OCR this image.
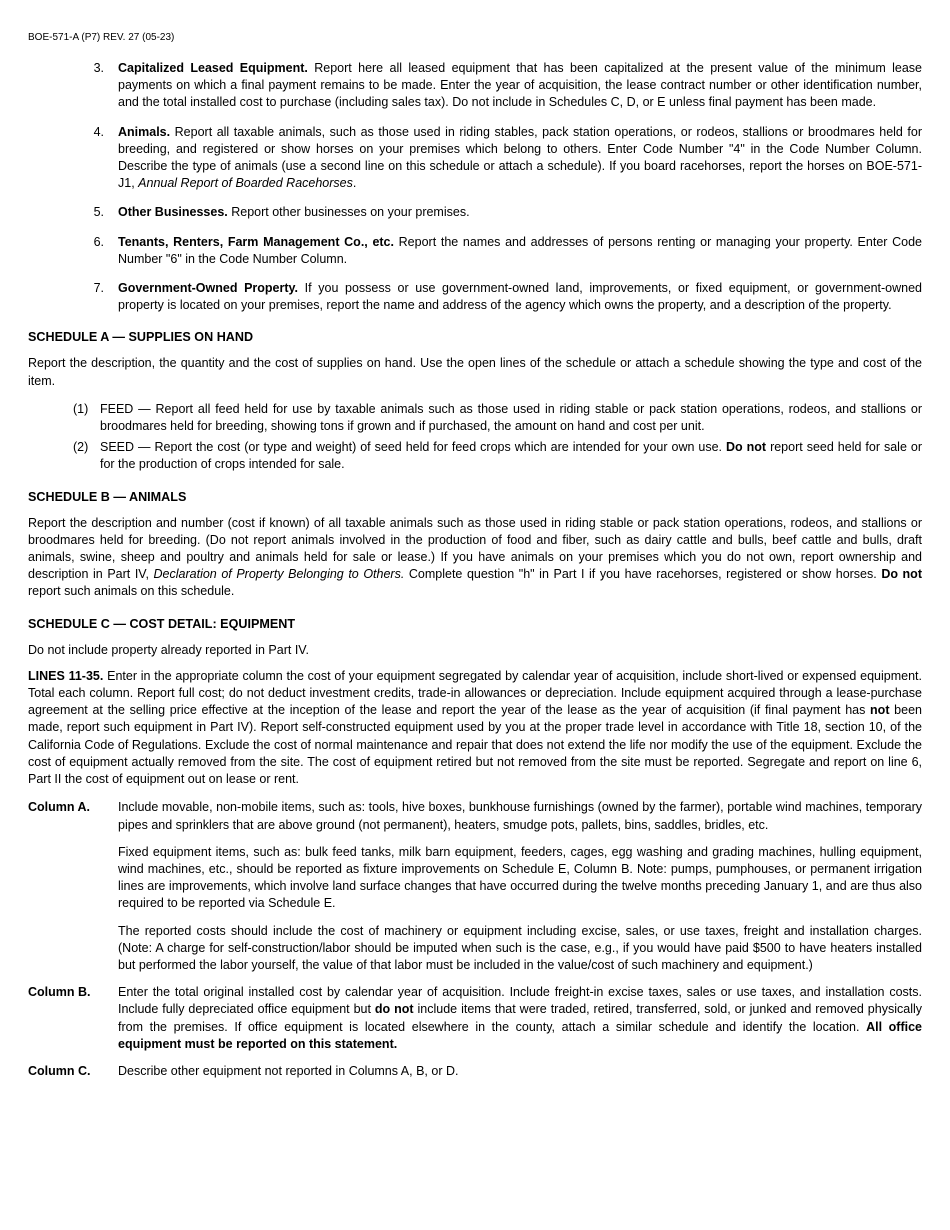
BOE-571-A (P7) REV. 27 (05-23)
3.	Capitalized Leased Equipment. Report here all leased equipment that has been capitalized at the present value of the minimum lease payments on which a final payment remains to be made. Enter the year of acquisition, the lease contract number or other identification number, and the total installed cost to purchase (including sales tax). Do not include in Schedules C, D, or E unless final payment has been made.
4.	Animals. Report all taxable animals, such as those used in riding stables, pack station operations, or rodeos, stallions or broodmares held for breeding, and registered or show horses on your premises which belong to others. Enter Code Number "4" in the Code Number Column. Describe the type of animals (use a second line on this schedule or attach a schedule). If you board racehorses, report the horses on BOE-571-J1, Annual Report of Boarded Racehorses.
5.	Other Businesses. Report other businesses on your premises.
6.	Tenants, Renters, Farm Management Co., etc. Report the names and addresses of persons renting or managing your property. Enter Code Number "6" in the Code Number Column.
7.	Government-Owned Property. If you possess or use government-owned land, improvements, or fixed equipment, or government-owned property is located on your premises, report the name and address of the agency which owns the property, and a description of the property.
SCHEDULE A — SUPPLIES ON HAND

Report the description, the quantity and the cost of supplies on hand. Use the open lines of the schedule or attach a schedule showing the type and cost of the item.

(1) FEED — Report all feed held for use by taxable animals such as those used in riding stable or pack station operations, rodeos, and stallions or broodmares held for breeding, showing tons if grown and if purchased, the amount on hand and cost per unit.
(2) SEED — Report the cost (or type and weight) of seed held for feed crops which are intended for your own use. Do not report seed held for sale or for the production of crops intended for sale.
SCHEDULE B — ANIMALS

Report the description and number (cost if known) of all taxable animals such as those used in riding stable or pack station operations, rodeos, and stallions or broodmares held for breeding. (Do not report animals involved in the production of food and fiber, such as dairy cattle and bulls, beef cattle and bulls, draft animals, swine, sheep and poultry and animals held for sale or lease.) If you have animals on your premises which you do not own, report ownership and description in Part IV, Declaration of Property Belonging to Others. Complete question "h" in Part I if you have racehorses, registered or show horses. Do not report such animals on this schedule.

SCHEDULE C — COST DETAIL: EQUIPMENT

Do not include property already reported in Part IV.

LINES 11-35. Enter in the appropriate column the cost of your equipment segregated by calendar year of acquisition, include short-lived or expensed equipment. Total each column. Report full cost; do not deduct investment credits, trade-in allowances or depreciation. Include equipment acquired through a lease-purchase agreement at the selling price effective at the inception of the lease and report the year of the lease as the year of acquisition (if final payment has not been made, report such equipment in Part IV). Report self-constructed equipment used by you at the proper trade level in accordance with Title 18, section 10, of the California Code of Regulations. Exclude the cost of normal maintenance and repair that does not extend the life nor modify the use of the equipment. Exclude the cost of equipment actually removed from the site. The cost of equipment retired but not removed from the site must be reported. Segregate and report on line 6, Part II the cost of equipment out on lease or rent.

Column A.	Include movable, non-mobile items, such as: tools, hive boxes, bunkhouse furnishings (owned by the farmer), portable wind machines, temporary pipes and sprinklers that are above ground (not permanent), heaters, smudge pots, pallets, bins, saddles, bridles, etc.

Fixed equipment items, such as: bulk feed tanks, milk barn equipment, feeders, cages, egg washing and grading machines, hulling equipment, wind machines, etc., should be reported as fixture improvements on Schedule E, Column B. Note: pumps, pumphouses, or permanent irrigation lines are improvements, which involve land surface changes that have occurred during the twelve months preceding January 1, and are thus also required to be reported via Schedule E.

The reported costs should include the cost of machinery or equipment including excise, sales, or use taxes, freight and installation charges. (Note: A charge for self-construction/labor should be imputed when such is the case, e.g., if you would have paid $500 to have heaters installed but performed the labor yourself, the value of that labor must be included in the value/cost of such machinery and equipment.)

Column B.	Enter the total original installed cost by calendar year of acquisition. Include freight-in excise taxes, sales or use taxes, and installation costs. Include fully depreciated office equipment but do not include items that were traded, retired, transferred, sold, or junked and removed physically from the premises. If office equipment is located elsewhere in the county, attach a similar schedule and identify the location. All office equipment must be reported on this statement.

Column C.	Describe other equipment not reported in Columns A, B, or D.
